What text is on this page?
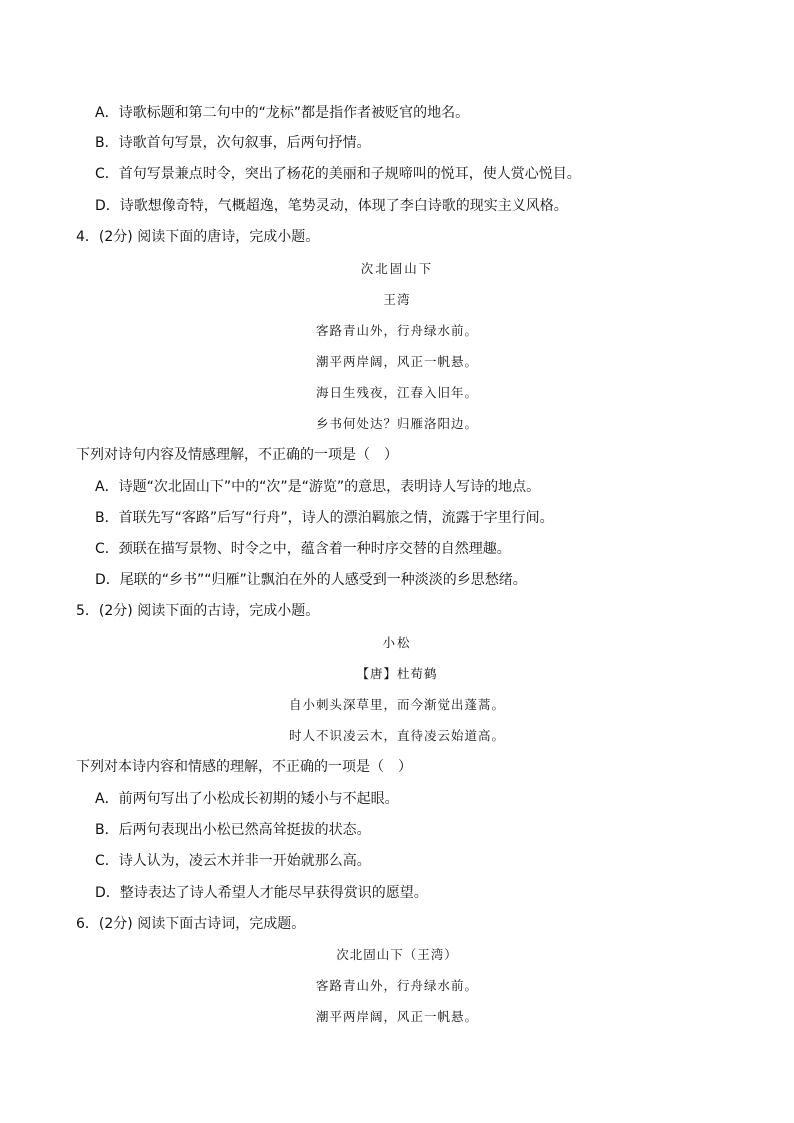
A．诗歌标题和第二句中的“龙标”都是指作者被贬官的地名。
B．诗歌首句写景，次句叙事，后两句抒情。
C．首句写景兼点时令，突出了杨花的美丽和子规啼叫的悦耳，使人赏心悦目。
D．诗歌想像奇特，气概超逸，笔势灵动，体现了李白诗歌的现实主义风格。
4．(2分) 阅读下面的唐诗，完成小题。
次北固山下
王湾
客路青山外，行舟绿水前。
潮平两岸阔，风正一帆悬。
海日生残夜，江春入旧年。
乡书何处达？归雁洛阳边。
下列对诗句内容及情感理解，不正确的一项是（　）
A．诗题“次北固山下”中的“次”是“游览”的意思，表明诗人写诗的地点。
B．首联先写“客路”后写“行舟”，诗人的漂泊羁旅之情，流露于字里行间。
C．颈联在描写景物、时令之中，蕴含着一种时序交替的自然理趣。
D．尾联的“乡书”“归雁”让飘泊在外的人感受到一种淡淡的乡思愁绪。
5．(2分) 阅读下面的古诗，完成小题。
小松
【唐】杜荀鹤
自小刺头深草里，而今渐觉出蓬蒿。
时人不识凌云木，直待凌云始道高。
下列对本诗内容和情感的理解，不正确的一项是（　）
A．前两句写出了小松成长初期的矮小与不起眼。
B．后两句表现出小松已然高耸挺拔的状态。
C．诗人认为，凌云木并非一开始就那么高。
D．整诗表达了诗人希望人才能尽早获得赏识的愿望。
6．(2分) 阅读下面古诗词，完成题。
次北固山下（王湾）
客路青山外，行舟绿水前。
潮平两岸阔，风正一帆悬。
